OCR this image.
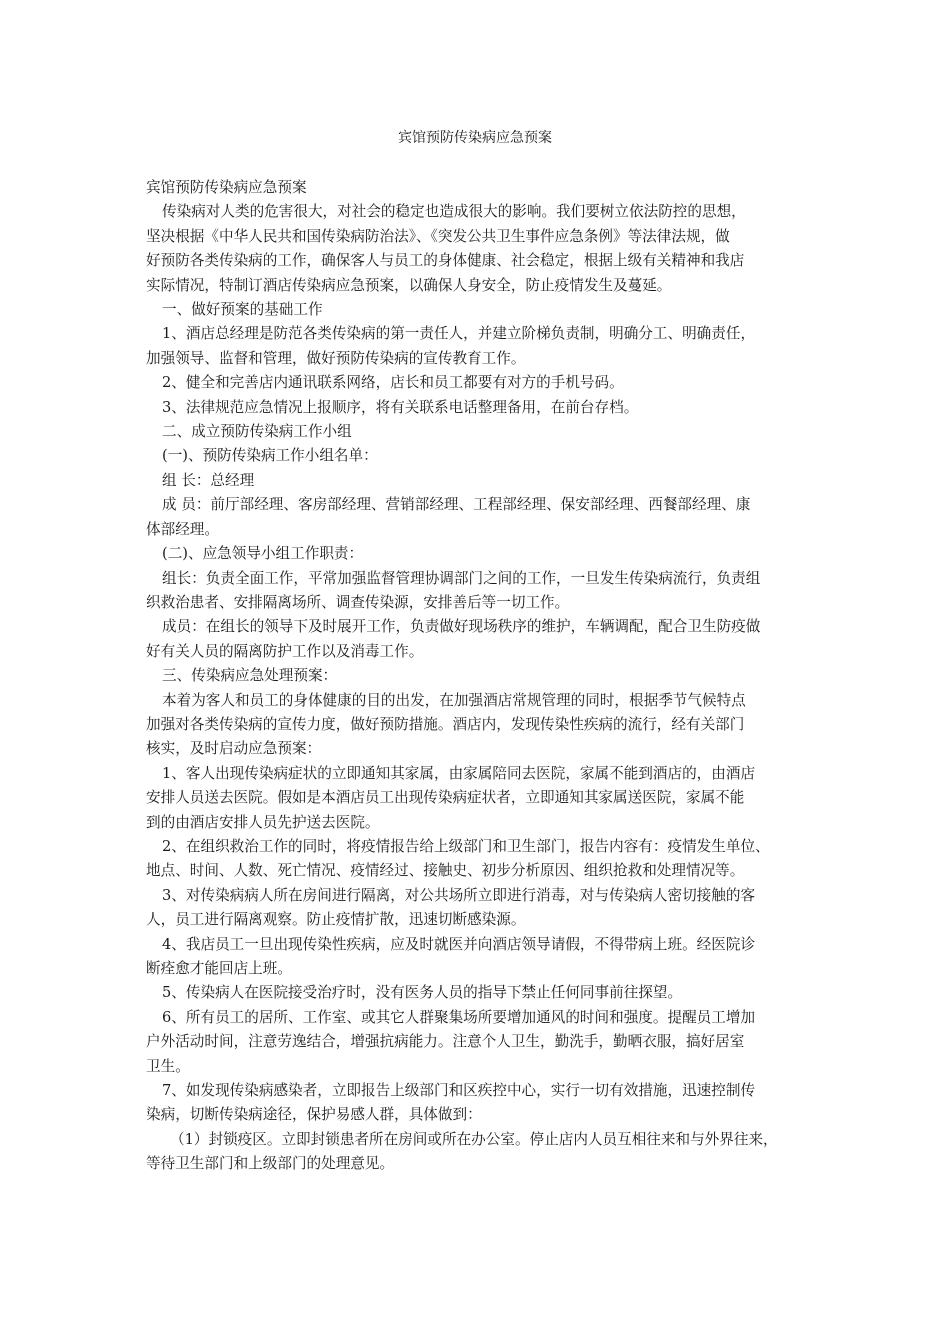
宾馆预防传染病应急预案

宾馆预防传染病应急预案

传染病对人类的危害很大，对社会的稳定也造成很大的影响。我们要树立依法防控的思想，

坚决根据《中华人民共和国传染病防治法》、《突发公共卫生事件应急条例》等法律法规，做

好预防各类传染病的工作，确保客人与员工的身体健康、社会稳定，根据上级有关精神和我店

实际情况，特制订酒店传染病应急预案，以确保人身安全，防止疫情发生及蔓延。

一、做好预案的基础工作

1、酒店总经理是防范各类传染病的第一责任人，并建立阶梯负责制，明确分工、明确责任，

加强领导、监督和管理，做好预防传染病的宣传教育工作。

2、健全和完善店内通讯联系网络，店长和员工都要有对方的手机号码。

3、法律规范应急情况上报顺序，将有关联系电话整理备用，在前台存档。

二、成立预防传染病工作小组

(一)、预防传染病工作小组名单：

组 长：总经理

成 员：前厅部经理、客房部经理、营销部经理、工程部经理、保安部经理、西餐部经理、康

体部经理。

(二)、应急领导小组工作职责：

组长：负责全面工作，平常加强监督管理协调部门之间的工作，一旦发生传染病流行，负责组

织救治患者、安排隔离场所、调查传染源，安排善后等一切工作。

成员：在组长的领导下及时展开工作，负责做好现场秩序的维护，车辆调配，配合卫生防疫做

好有关人员的隔离防护工作以及消毒工作。

三、传染病应急处理预案：

本着为客人和员工的身体健康的目的出发，在加强酒店常规管理的同时，根据季节气候特点

加强对各类传染病的宣传力度，做好预防措施。酒店内，发现传染性疾病的流行，经有关部门

核实，及时启动应急预案：

1、客人出现传染病症状的立即通知其家属，由家属陪同去医院，家属不能到酒店的，由酒店

安排人员送去医院。假如是本酒店员工出现传染病症状者，立即通知其家属送医院，家属不能

到的由酒店安排人员先护送去医院。

2、在组织救治工作的同时，将疫情报告给上级部门和卫生部门，报告内容有：疫情发生单位、

地点、时间、人数、死亡情况、疫情经过、接触史、初步分析原因、组织抢救和处理情况等。

3、对传染病病人所在房间进行隔离，对公共场所立即进行消毒，对与传染病人密切接触的客

人，员工进行隔离观察。防止疫情扩散，迅速切断感染源。

4、我店员工一旦出现传染性疾病，应及时就医并向酒店领导请假，不得带病上班。经医院诊

断痊愈才能回店上班。

5、传染病人在医院接受治疗时，没有医务人员的指导下禁止任何同事前往探望。

6、所有员工的居所、工作室、或其它人群聚集场所要增加通风的时间和强度。提醒员工增加

户外活动时间，注意劳逸结合，增强抗病能力。注意个人卫生，勤洗手，勤晒衣服，搞好居室

卫生。

7、如发现传染病感染者，立即报告上级部门和区疾控中心，实行一切有效措施，迅速控制传

染病，切断传染病途径，保护易感人群，具体做到：

（1）封锁疫区。立即封锁患者所在房间或所在办公室。停止店内人员互相往来和与外界往来，

等待卫生部门和上级部门的处理意见。
